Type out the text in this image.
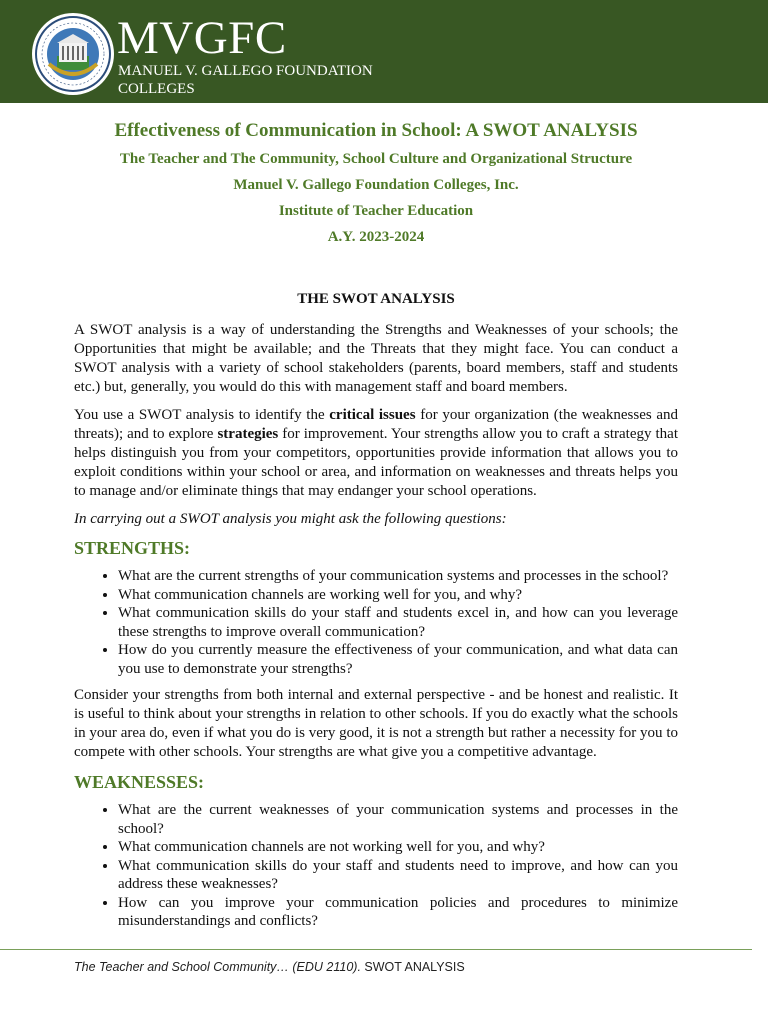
MVGFC
MANUEL V. GALLEGO FOUNDATION COLLEGES
Effectiveness of Communication in School: A SWOT ANALYSIS
The Teacher and The Community, School Culture and Organizational Structure
Manuel V. Gallego Foundation Colleges, Inc.
Institute of Teacher Education
A.Y. 2023-2024
THE SWOT ANALYSIS

A SWOT analysis is a way of understanding the Strengths and Weaknesses of your schools; the Opportunities that might be available; and the Threats that they might face. You can conduct a SWOT analysis with a variety of school stakeholders (parents, board members, staff and students etc.) but, generally, you would do this with management staff and board members.

You use a SWOT analysis to identify the critical issues for your organization (the weaknesses and threats); and to explore strategies for improvement. Your strengths allow you to craft a strategy that helps distinguish you from your competitors, opportunities provide information that allows you to exploit conditions within your school or area, and information on weaknesses and threats helps you to manage and/or eliminate things that may endanger your school operations.

In carrying out a SWOT analysis you might ask the following questions:

STRENGTHS:
• What are the current strengths of your communication systems and processes in the school?
• What communication channels are working well for you, and why?
• What communication skills do your staff and students excel in, and how can you leverage these strengths to improve overall communication?
• How do you currently measure the effectiveness of your communication, and what data can you use to demonstrate your strengths?

Consider your strengths from both internal and external perspective - and be honest and realistic. It is useful to think about your strengths in relation to other schools. If you do exactly what the schools in your area do, even if what you do is very good, it is not a strength but rather a necessity for you to compete with other schools. Your strengths are what give you a competitive advantage.

WEAKNESSES:
• What are the current weaknesses of your communication systems and processes in the school?
• What communication channels are not working well for you, and why?
• What communication skills do your staff and students need to improve, and how can you address these weaknesses?
• How can you improve your communication policies and procedures to minimize misunderstandings and conflicts?
The Teacher and School Community… (EDU 2110). SWOT ANALYSIS
